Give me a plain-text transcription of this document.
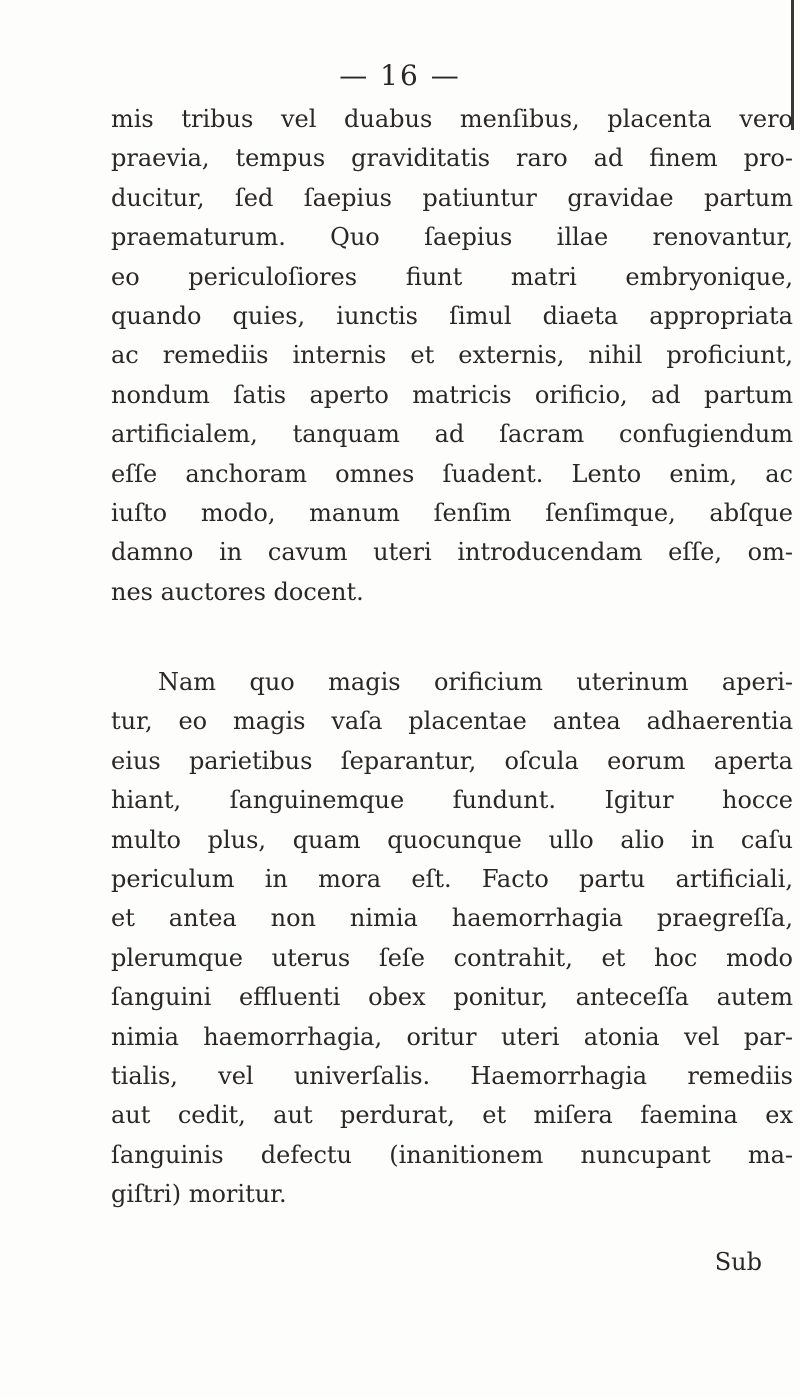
— 16 —
mis tribus vel duabus menſibus, placenta vero
praevia, tempus graviditatis raro ad finem pro-
ducitur, ſed ſaepius patiuntur gravidae partum
praematurum. Quo ſaepius illae renovantur,
eo periculoſiores fiunt matri embryonique,
quando quies, iunctis ſimul diaeta appropriata
ac remediis internis et externis, nihil proficiunt,
nondum ſatis aperto matricis orificio, ad partum
artificialem, tanquam ad ſacram confugiendum
eſſe anchoram omnes ſuadent. Lento enim, ac
iuſto modo, manum ſenſim ſenſimque, abſque
damno in cavum uteri introducendam eſſe, om-
nes auctores docent.
Nam quo magis orificium uterinum aperi-
tur, eo magis vaſa placentae antea adhaerentia
eius parietibus ſeparantur, oſcula eorum aperta
hiant, ſanguinemque fundunt. Igitur hocce
multo plus, quam quocunque ullo alio in caſu
periculum in mora eſt. Facto partu artificiali,
et antea non nimia haemorrhagia praegreſſa,
plerumque uterus ſeſe contrahit, et hoc modo
ſanguini effluenti obex ponitur, anteceſſa autem
nimia haemorrhagia, oritur uteri atonia vel par-
tialis, vel univerſalis. Haemorrhagia remediis
aut cedit, aut perdurat, et miſera faemina ex
ſanguinis defectu (inanitionem nuncupant ma-
giſtri) moritur.
Sub
